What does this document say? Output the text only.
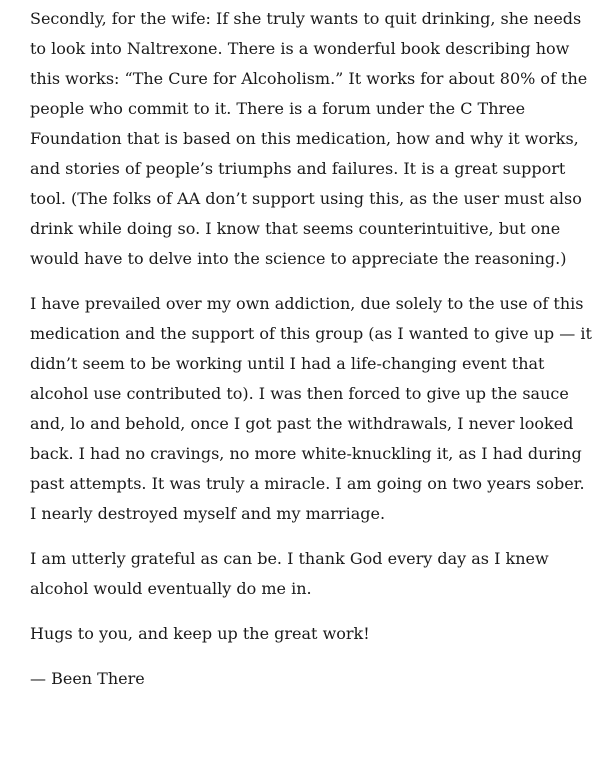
Secondly, for the wife: If she truly wants to quit drinking, she needs to look into Naltrexone. There is a wonderful book describing how this works: “The Cure for Alcoholism.” It works for about 80% of the people who commit to it. There is a forum under the C Three Foundation that is based on this medication, how and why it works, and stories of people’s triumphs and failures. It is a great support tool. (The folks of AA don’t support using this, as the user must also drink while doing so. I know that seems counterintuitive, but one would have to delve into the science to appreciate the reasoning.)

I have prevailed over my own addiction, due solely to the use of this medication and the support of this group (as I wanted to give up — it didn’t seem to be working until I had a life-changing event that alcohol use contributed to). I was then forced to give up the sauce and, lo and behold, once I got past the withdrawals, I never looked back. I had no cravings, no more white-knuckling it, as I had during past attempts. It was truly a miracle. I am going on two years sober. I nearly destroyed myself and my marriage.

I am utterly grateful as can be. I thank God every day as I knew alcohol would eventually do me in.

Hugs to you, and keep up the great work!

— Been There
